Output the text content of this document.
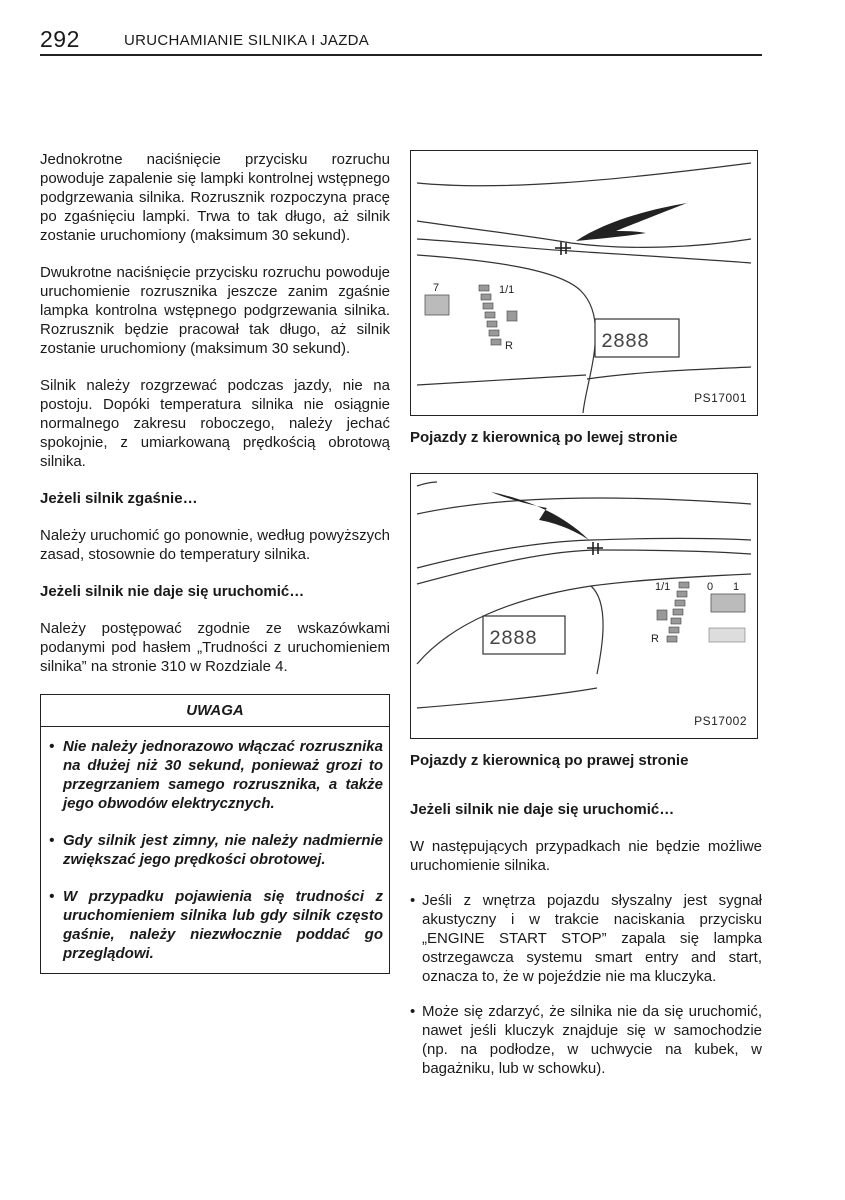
292	URUCHAMIANIE SILNIKA I JAZDA

Jednokrotne naciśnięcie przycisku rozruchu powoduje zapalenie się lampki kontrolnej wstępnego podgrzewania silnika. Rozrusznik rozpoczyna pracę po zgaśnięciu lampki. Trwa to tak długo, aż silnik zostanie uruchomiony (maksimum 30 sekund).

Dwukrotne naciśnięcie przycisku rozruchu powoduje uruchomienie rozrusznika jeszcze zanim zgaśnie lampka kontrolna wstępnego podgrzewania silnika. Rozrusznik będzie pracował tak długo, aż silnik zostanie uruchomiony (maksimum 30 sekund).

Silnik należy rozgrzewać podczas jazdy, nie na postoju. Dopóki temperatura silnika nie osiągnie normalnego zakresu roboczego, należy jechać spokojnie, z umiarkowaną prędkością obrotową silnika.

Jeżeli silnik zgaśnie…

Należy uruchomić go ponownie, według powyższych zasad, stosownie do temperatury silnika.

Jeżeli silnik nie daje się uruchomić…

Należy postępować zgodnie ze wskazówkami podanymi pod hasłem „Trudności z uruchomieniem silnika” na stronie 310 w Rozdziale 4.

UWAGA
• Nie należy jednorazowo włączać rozrusznika na dłużej niż 30 sekund, ponieważ grozi to przegrzaniem samego rozrusznika, a także jego obwodów elektrycznych.
• Gdy silnik jest zimny, nie należy nadmiernie zwiększać jego prędkości obrotowej.
• W przypadku pojawienia się trudności z uruchomieniem silnika lub gdy silnik często gaśnie, należy niezwłocznie poddać go przeglądowi.
7	1/1
R	2888
PS17001
Pojazdy z kierownicą po lewej stronie
2888
1/1
R
0 1
PS17002
Pojazdy z kierownicą po prawej stronie
Jeżeli silnik nie daje się uruchomić…

W następujących przypadkach nie będzie możliwe uruchomienie silnika.

• Jeśli z wnętrza pojazdu słyszalny jest sygnał akustyczny i w trakcie naciskania przycisku „ENGINE START STOP” zapala się lampka ostrzegawcza systemu smart entry and start, oznacza to, że w pojeździe nie ma kluczyka.
• Może się zdarzyć, że silnika nie da się uruchomić, nawet jeśli kluczyk znajduje się w samochodzie (np. na podłodze, w uchwycie na kubek, w bagażniku, lub w schowku).
